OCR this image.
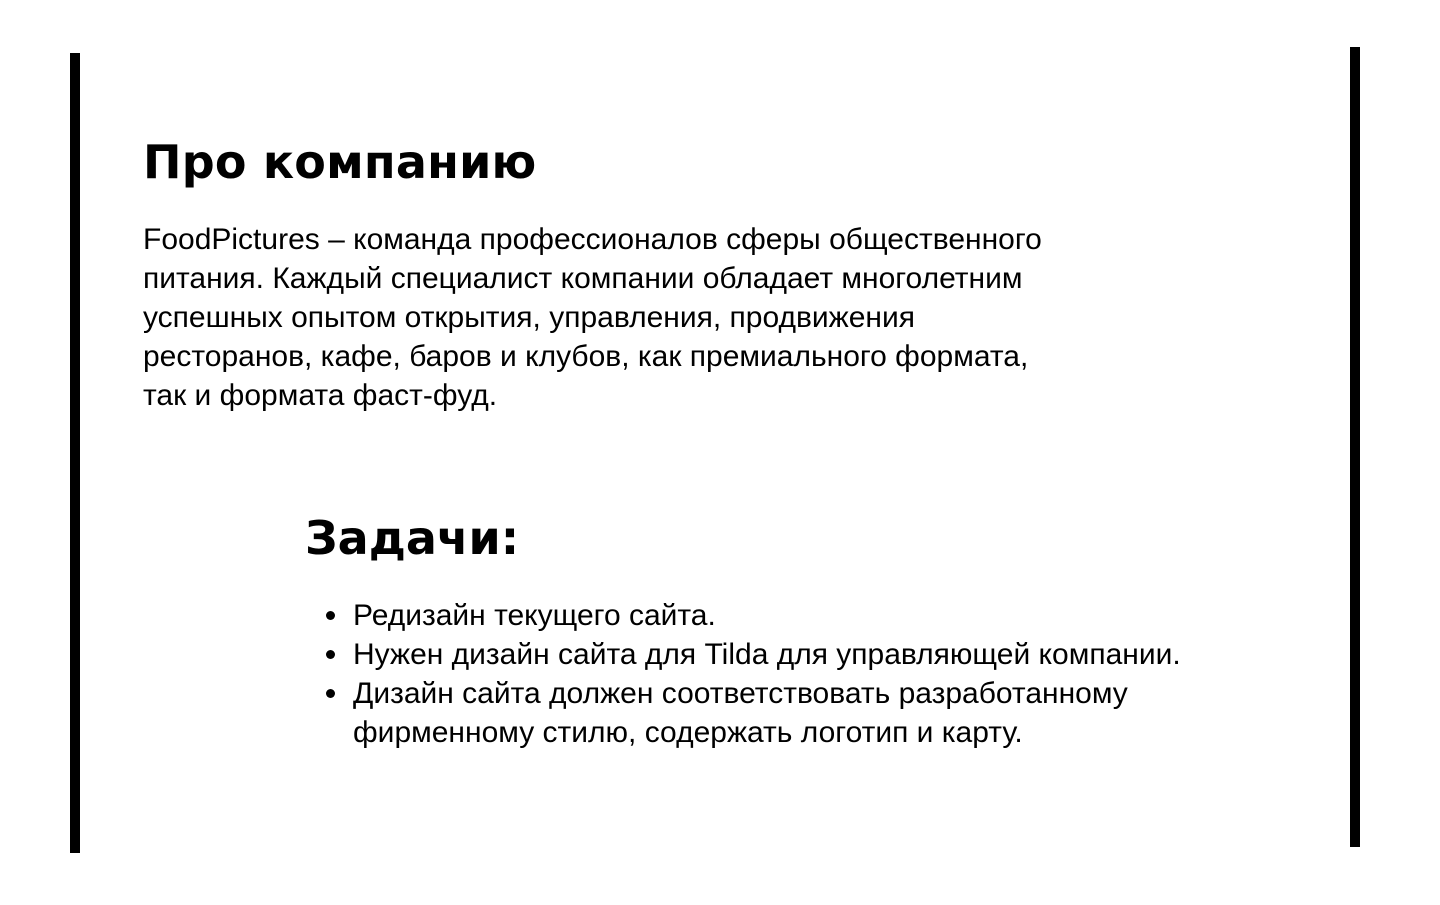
Про компанию

FoodPictures – команда профессионалов сферы общественного
питания. Каждый специалист компании обладает многолетним
успешных опытом открытия, управления, продвижения
ресторанов, кафе, баров и клубов, как премиального формата,
так и формата фаст-фуд.

Задачи:
Редизайн текущего сайта.
Нужен дизайн сайта для Tilda для управляющей компании.
Дизайн сайта должен соответствовать разработанному
фирменному стилю, содержать логотип и карту.
